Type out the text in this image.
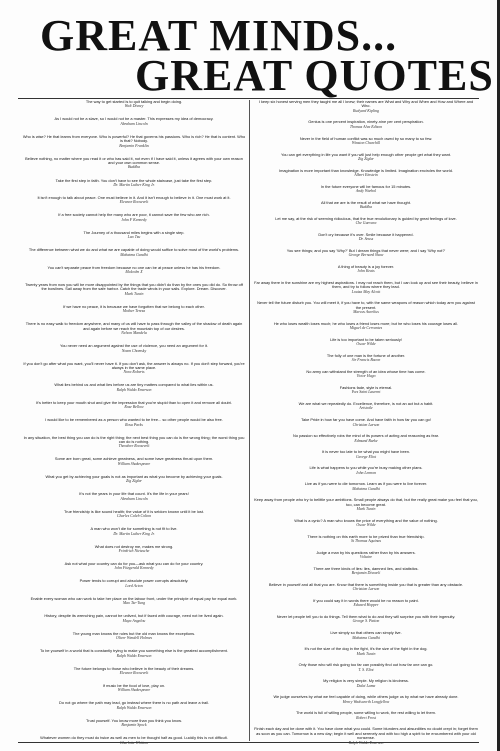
GREAT MINDS...
GREAT QUOTES
The way to get started is to quit talking and begin doing.
Walt Disney
As I would not be a slave, so I would not be a master. This expresses my idea of democracy.
Abraham Lincoln
Who is wise? He that learns from everyone. Who is powerful? He that governs his passions. Who is rich? He that is content. Who is that? Nobody.
Benjamin Franklin
Believe nothing, no matter where you read it or who has said it, not even if I have said it, unless it agrees with your own reason and your own common sense.
Buddha
Take the first step in faith. You don't have to see the whole staircase, just take the first step.
Dr. Martin Luther King Jr.
It isn't enough to talk about peace. One must believe in it. And it isn't enough to believe in it. One must work at it.
Eleanor Roosevelt
If a free society cannot help the many who are poor, it cannot save the few who are rich.
John F Kennedy
The Journey of a thousand miles begins with a single step.
Lao Tzu
The difference between what we do and what we are capable of doing would suffice to solve most of the world's problems.
Mahatma Gandhi
You can't separate peace from freedom because no one can be at peace unless he has his freedom.
Malcolm X
Twenty years from now you will be more disappointed by the things that you didn't do than by the ones you did do. So throw off the bowlines. Sail away from the safe harbor. Catch the trade winds in your sails. Explore. Dream. Discover.
Mark Twain
If we have no peace, it is because we have forgotten that we belong to each other.
Mother Teresa
There is no easy walk to freedom anywhere, and many of us will have to pass through the valley of the shadow of death again and again before we reach the mountain top of our desires.
Nelson Mandela
You never need an argument against the use of violence, you need an argument for it.
Noam Chomsky
If you don't go after what you want, you'll never have it. If you don't ask, the answer is always no. If you don't step forward, you're always in the same place.
Nora Roberts
What lies behind us and what lies before us are tiny matters compared to what lies within us.
Ralph Waldo Emerson
It's better to keep your mouth shut and give the impression that you're stupid than to open it and remove all doubt.
Rose Bellow
I would like to be remembered as a person who wanted to be free... so other people would be also free.
Rosa Parks
In any situation, the best thing you can do is the right thing; the next best thing you can do is the wrong thing; the worst thing you can do is nothing.
Theodore Roosevelt
Some are born great, some achieve greatness, and some have greatness thrust upon them.
William Shakespeare
What you get by achieving your goals is not as important as what you become by achieving your goals.
Zig Ziglar
It's not the years in your life that count. It's the life in your years!
Abraham Lincoln
True friendship is like sound health; the value of it is seldom known until it be lost.
Charles Caleb Colton
A man who won't die for something is not fit to live.
Dr. Martin Luther King Jr.
What does not destroy me, makes me strong.
Friedrich Nietzsche
Ask not what your country can do for you—ask what you can do for your country.
John Fitzgerald Kennedy
Power tends to corrupt and absolute power corrupts absolutely.
Lord Acton
Enable every woman who can work to take her place on the labour front, under the principle of equal pay for equal work.
Mao Tse-Tung
History, despite its wrenching pain, cannot be unlived, but if faced with courage, need not be lived again.
Maya Angelou
The young man knows the rules but the old man knows the exceptions.
Oliver Wendell Holmes
To be yourself in a world that is constantly trying to make you something else is the greatest accomplishment.
Ralph Waldo Emerson
The future belongs to those who believe in the beauty of their dreams.
Eleanor Roosevelt
If music be the food of love, play on.
William Shakespeare
Do not go where the path may lead, go instead where there is no path and leave a trail.
Ralph Waldo Emerson
Trust yourself. You know more than you think you know.
Benjamin Spock
Whatever women do they must do twice as well as men to be thought half as good. Luckily this is not difficult.
Charlotte Whitton
I keep six honest serving men they taught me all I knew; their names are What and Why and When and How and Where and Who.
Rudyard Kipling
Genius is one percent inspiration, ninety-nine per cent perspiration.
Thomas Alva Edison
Never in the field of human conflict was so much owed by so many to so few.
Winston Churchill
You can get everything in life you want if you will just help enough other people get what they want.
Zig Ziglar
Imagination is more important than knowledge. Knowledge is limited. Imagination encircles the world.
Albert Einstein
In the future everyone will be famous for 15 minutes.
Andy Warhol
All that we are is the result of what we have thought.
Buddha
Let me say, at the risk of seeming ridiculous, that the true revolutionary is guided by great feelings of love.
Che Guevara
Don't cry because it's over. Smile because it happened.
Dr. Seuss
You see things; and you say 'Why?' But I dream things that never were; and I say 'Why not?'
George Bernard Shaw
A thing of beauty is a joy forever.
John Keats
Far away there in the sunshine are my highest aspirations. I may not reach them, but I can look up and see their beauty, believe in them, and try to follow where they lead.
Louisa May Alcott
Never tell the future disturb you. You will meet it, if you have to, with the same weapons of reason which today arm you against the present.
Marcus Aurelius
He who loses wealth loses much; he who loses a friend loses more; but he who loses his courage loses all.
Miguel de Cervantes
Life is too important to be taken seriously!
Oscar Wilde
The folly of one man is the fortune of another.
Sir Francis Bacon
No army can withstand the strength of an idea whose time has come.
Victor Hugo
Fashions fade, style is eternal.
Yves Saint Laurent
We are what we repeatedly do. Excellence, therefore, is not an act but a habit.
Aristotle
Take Pride in how far you have come. And have faith in how far you can go!
Christian Larson
No passion so effectively robs the mind of its powers of acting and reasoning as fear.
Edmund Burke
It is never too late to be what you might have been.
George Eliot
Life is what happens to you while you're busy making other plans.
John Lennon
Live as if you were to die tomorrow. Learn as if you were to live forever.
Mahatma Gandhi
Keep away from people who try to belittle your ambitions. Small people always do that, but the really great make you feel that you, too, can become great.
Mark Twain
What is a cynic? A man who knows the price of everything and the value of nothing.
Oscar Wilde
There is nothing on this earth more to be prized than true friendship.
St Thomas Aquinas
Judge a man by his questions rather than by his answers.
Voltaire
There are three kinds of lies: lies, damned lies, and statistics.
Benjamin Disraeli
Believe in yourself and all that you are. Know that there is something inside you that is greater than any obstacle.
Christian Larson
If you could say it in words there would be no reason to paint.
Edward Hopper
Never let people tell you to do things. Tell them what to do and they will surprise you with their ingenuity.
George S. Patton
Live simply so that others can simply live.
Mahatma Gandhi
It's not the size of the dog in the fight, it's the size of the fight in the dog.
Mark Twain
Only those who will risk going too far can possibly find out how far one can go.
T. S. Eliot
My religion is very simple. My religion is kindness.
Dalai Lama
We judge ourselves by what we feel capable of doing, while others judge us by what we have already done.
Henry Wadsworth Longfellow
The world is full of willing people, some willing to work, the rest willing to let them.
Robert Frost
Finish each day and be done with it. You have done what you could. Some blunders and absurdities no doubt crept in; forget them as soon as you can. Tomorrow is a new day; begin it well and serenely and with too high a spirit to be encumbered with your old nonsense.
Ralph Waldo Emerson
